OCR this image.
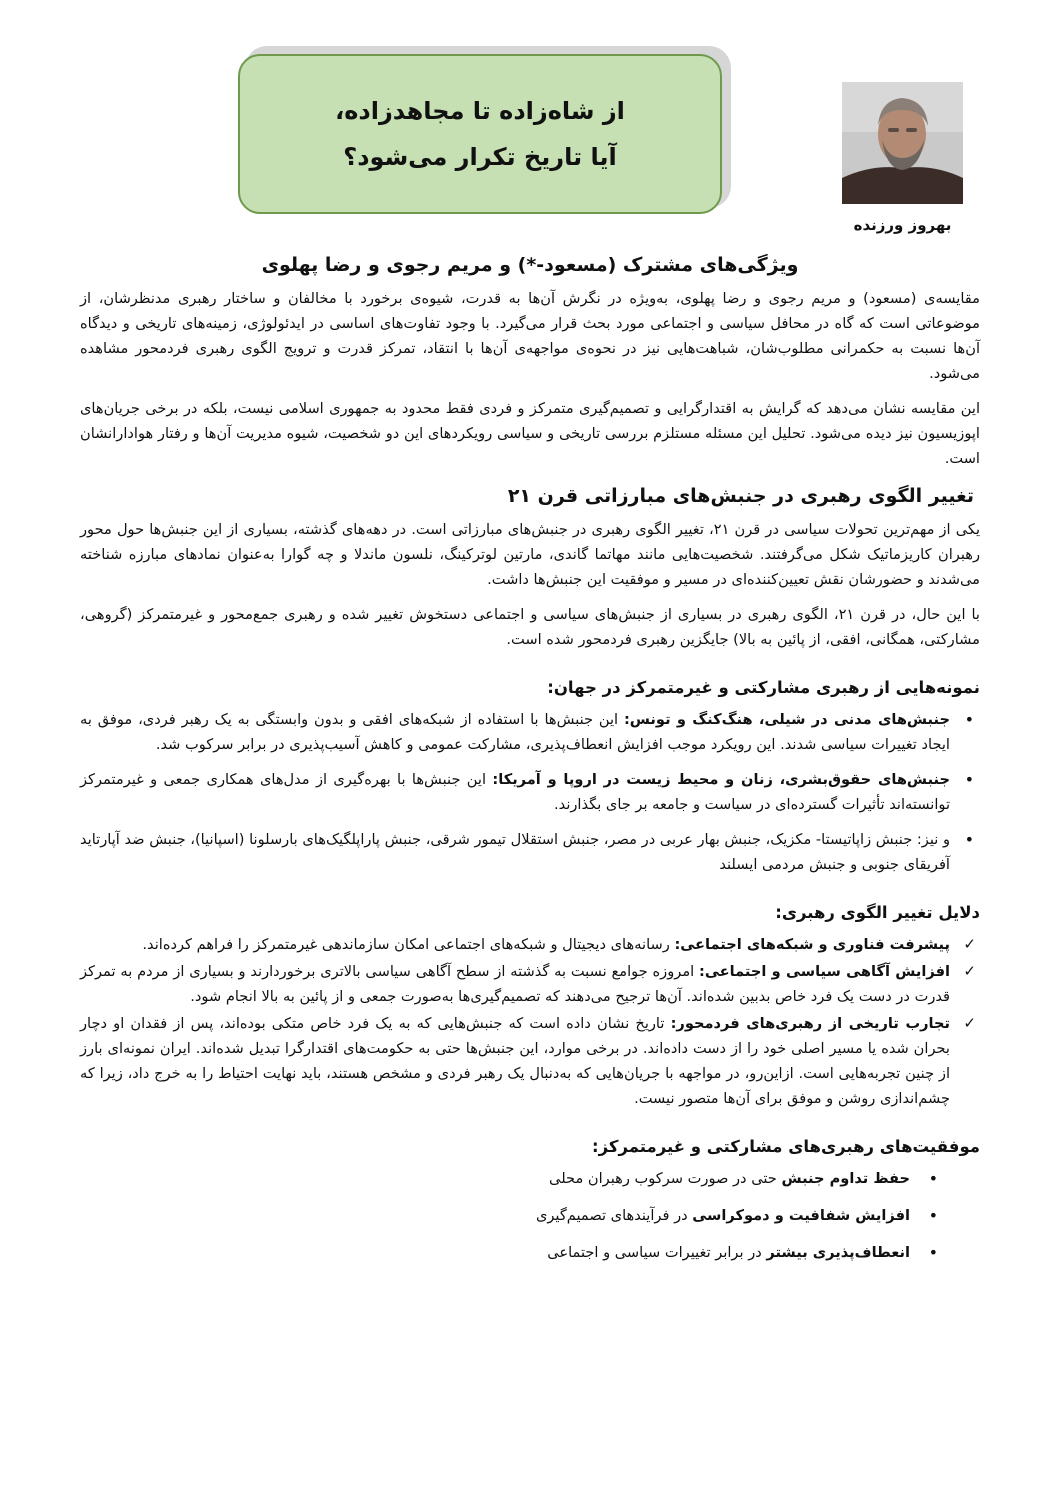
از شاه‌زاده تا مجاهدزاده،
آیا تاریخ تکرار می‌شود؟
بهروز ورزنده
ویژگی‌های مشترک (مسعود-*) و مریم رجوی و رضا پهلوی

مقایسه‌ی (مسعود) و مریم رجوی و رضا پهلوی، به‌ویژه در نگرش آن‌ها به قدرت، شیوه‌ی برخورد با مخالفان و ساختار رهبری مدنظرشان، از موضوعاتی است که گاه در محافل سیاسی و اجتماعی مورد بحث قرار می‌گیرد. با وجود تفاوت‌های اساسی در ایدئولوژی، زمینه‌های تاریخی و دیدگاه آن‌ها نسبت به حکمرانی مطلوب‌شان، شباهت‌هایی نیز در نحوه‌ی مواجهه‌ی آن‌ها با انتقاد، تمرکز قدرت و ترویج الگوی رهبری فردمحور مشاهده می‌شود.

این مقایسه نشان می‌دهد که گرایش به اقتدارگرایی و تصمیم‌گیری متمرکز و فردی فقط محدود به جمهوری اسلامی نیست، بلکه در برخی جریان‌های اپوزیسیون نیز دیده می‌شود. تحلیل این مسئله مستلزم بررسی تاریخی و سیاسی رویکردهای این دو شخصیت، شیوه مدیریت آن‌ها و رفتار هوادارانشان است.

تغییر الگوی رهبری در جنبش‌های مبارزاتی قرن ۲۱

یکی از مهم‌ترین تحولات سیاسی در قرن ۲۱، تغییر الگوی رهبری در جنبش‌های مبارزاتی است. در دهه‌های گذشته، بسیاری از این جنبش‌ها حول محور رهبران کاریزماتیک شکل می‌گرفتند. شخصیت‌هایی مانند مهاتما گاندی، مارتین لوترکینگ، نلسون ماندلا و چه گوارا به‌عنوان نمادهای مبارزه شناخته می‌شدند و حضورشان نقش تعیین‌کننده‌ای در مسیر و موفقیت این جنبش‌ها داشت.

با این حال، در قرن ۲۱، الگوی رهبری در بسیاری از جنبش‌های سیاسی و اجتماعی دستخوش تغییر شده و رهبری جمع‌محور و غیرمتمرکز (گروهی، مشارکتی، همگانی، افقی، از پائین به بالا) جایگزین رهبری فردمحور شده است.

نمونه‌هایی از رهبری مشارکتی و غیرمتمرکز در جهان:
•
جنبش‌های مدنی در شیلی، هنگ‌کنگ و تونس: این جنبش‌ها با استفاده از شبکه‌های افقی و بدون وابستگی به یک رهبر فردی، موفق به ایجاد تغییرات سیاسی شدند. این رویکرد موجب افزایش انعطاف‌پذیری، مشارکت عمومی و کاهش آسیب‌پذیری در برابر سرکوب شد.
•
جنبش‌های حقوق‌بشری، زنان و محیط زیست در اروپا و آمریکا: این جنبش‌ها با بهره‌گیری از مدل‌های همکاری جمعی و غیرمتمرکز توانسته‌اند تأثیرات گسترده‌ای در سیاست و جامعه بر جای بگذارند.
•
و نیز: جنبش زاپاتیستا- مکزیک، جنبش بهار عربی در مصر، جنبش استقلال تیمور شرقی، جنبش پاراپلگیک‌های بارسلونا (اسپانیا)، جنبش ضد آپارتاید آفریقای جنوبی و جنبش مردمی ایسلند
دلایل تغییر الگوی رهبری:
✓
پیشرفت فناوری و شبکه‌های اجتماعی: رسانه‌های دیجیتال و شبکه‌های اجتماعی امکان سازماندهی غیرمتمرکز را فراهم کرده‌اند.
✓
افزایش آگاهی سیاسی و اجتماعی: امروزه جوامع نسبت به گذشته از سطح آگاهی سیاسی بالاتری برخوردارند و بسیاری از مردم به تمرکز قدرت در دست یک فرد خاص بدبین شده‌اند. آن‌ها ترجیح می‌دهند که تصمیم‌گیری‌ها به‌صورت جمعی و از پائین به بالا انجام شود.
✓
تجارب تاریخی از رهبری‌های فردمحور: تاریخ نشان داده است که جنبش‌هایی که به یک فرد خاص متکی بوده‌اند، پس از فقدان او دچار بحران شده یا مسیر اصلی خود را از دست داده‌اند. در برخی موارد، این جنبش‌ها حتی به حکومت‌های اقتدارگرا تبدیل شده‌اند. ایران نمونه‌ای بارز از چنین تجربه‌هایی است. ازاین‌رو، در مواجهه با جریان‌هایی که به‌دنبال یک رهبر فردی و مشخص هستند، باید نهایت احتیاط را به خرج داد، زیرا که چشم‌اندازی روشن و موفق برای آن‌ها متصور نیست.
موفقیت‌های رهبری‌های مشارکتی و غیرمتمرکز:
•
حفظ تداوم جنبش حتی در صورت سرکوب رهبران محلی
•
افزایش شفافیت و دموکراسی در فرآیندهای تصمیم‌گیری
•
انعطاف‌پذیری بیشتر در برابر تغییرات سیاسی و اجتماعی
